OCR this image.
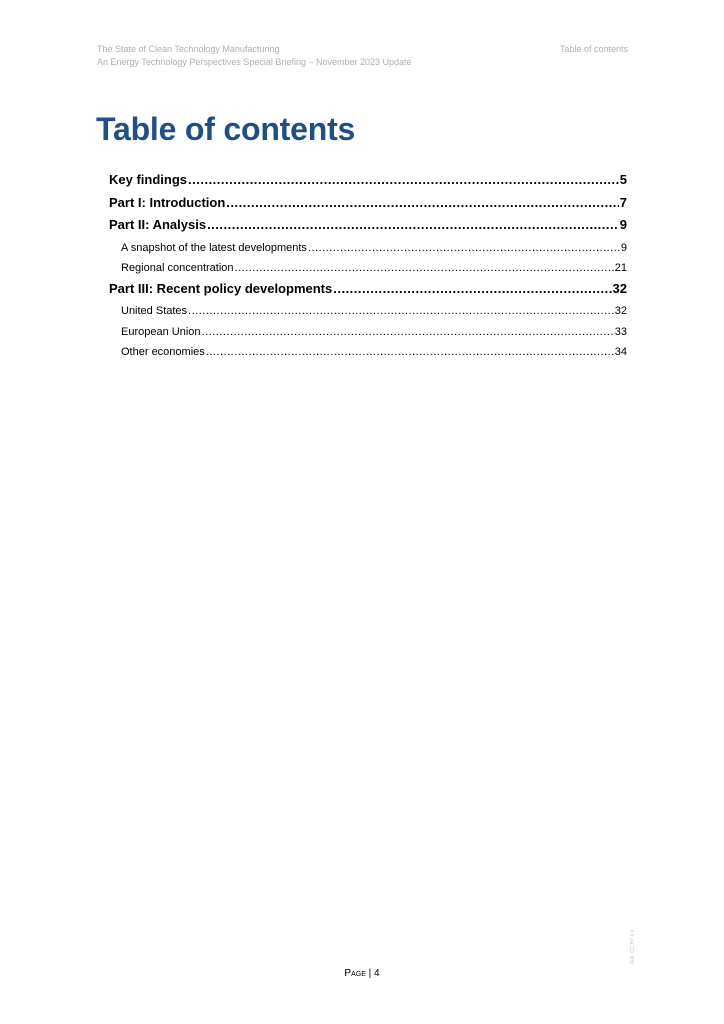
The State of Clean Technology Manufacturing
An Energy Technology Perspectives Special Briefing – November 2023 Update
Table of contents
Table of contents
Key findings .....	5
Part I: Introduction .....	7
Part II: Analysis .....	9
A snapshot of the latest developments .....	9
Regional concentration .....	21
Part III: Recent policy developments .....	32
United States .....	32
European Union .....	33
Other economies .....	34
Page | 4
IEA. CC BY 4.0.
